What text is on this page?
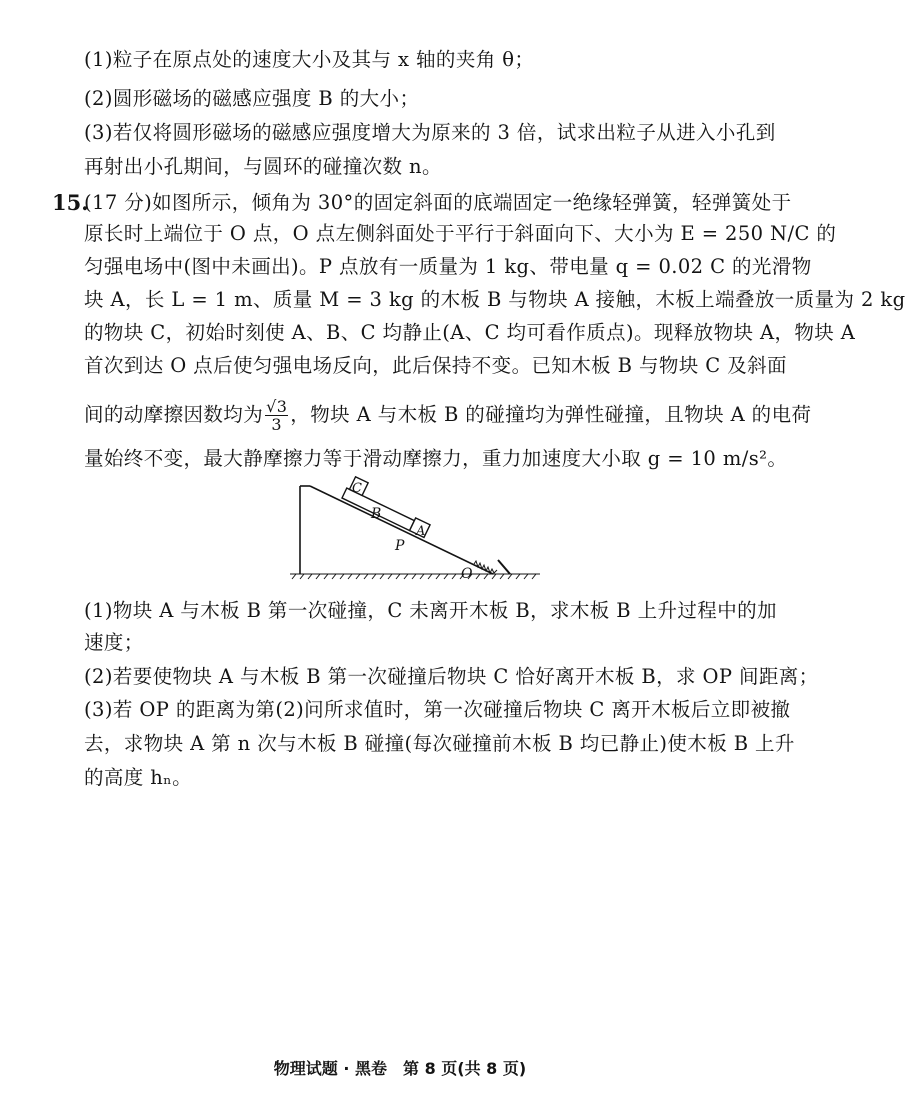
(1)粒子在原点处的速度大小及其与 x 轴的夹角 θ；
(2)圆形磁场的磁感应强度 B 的大小；
(3)若仅将圆形磁场的磁感应强度增大为原来的 3 倍，试求出粒子从进入小孔到
再射出小孔期间，与圆环的碰撞次数 n。
15.
(17 分)如图所示，倾角为 30°的固定斜面的底端固定一绝缘轻弹簧，轻弹簧处于
原长时上端位于 O 点，O 点左侧斜面处于平行于斜面向下、大小为 E = 250 N/C 的
匀强电场中(图中未画出)。P 点放有一质量为 1 kg、带电量 q = 0.02 C 的光滑物
块 A，长 L = 1 m、质量 M = 3 kg 的木板 B 与物块 A 接触，木板上端叠放一质量为 2 kg
的物块 C，初始时刻使 A、B、C 均静止(A、C 均可看作质点)。现释放物块 A，物块 A
首次到达 O 点后使匀强电场反向，此后保持不变。已知木板 B 与物块 C 及斜面
间的动摩擦因数均为 $\frac{√3}{3}$ ，物块 A 与木板 B 的碰撞均为弹性碰撞，且物块 A 的电荷
量始终不变，最大静摩擦力等于滑动摩擦力，重力加速度大小取 g = 10 m/s²。
C
B
A
P
O
(1)物块 A 与木板 B 第一次碰撞，C 未离开木板 B，求木板 B 上升过程中的加
速度；
(2)若要使物块 A 与木板 B 第一次碰撞后物块 C 恰好离开木板 B，求 OP 间距离；
(3)若 OP 的距离为第(2)问所求值时，第一次碰撞后物块 C 离开木板后立即被撤
去，求物块 A 第 n 次与木板 B 碰撞(每次碰撞前木板 B 均已静止)使木板 B 上升
的高度 hₙ。
物理试题 · 黑卷　第 8 页(共 8 页)
